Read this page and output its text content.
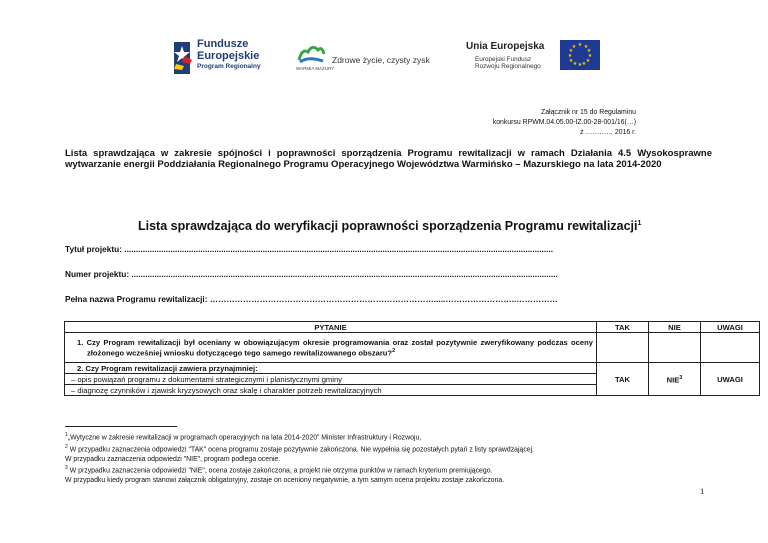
Fundusze
Europejskie
Program Regionalny	WARMIA MAZURY
Zdrowe życie, czysty zysk
Unia Europejska
Europejski Fundusz
Rozwoju Regionalnego
★ ★
★
★
★
★
★
★
★
★
★
★
Załącznik nr 15 do Regulaminu
konkursu RPWM.04.05.00-IZ.00-28-001/16(…)
z ………… 2016 r.
Lista sprawdzająca w zakresie spójności i poprawności sporządzenia Programu rewitalizacji w ramach Działania 4.5 Wysokosprawne wytwarzanie energii Poddziałania Regionalnego Programu Operacyjnego Województwa Warmińsko – Mazurskiego na lata 2014-2020
Lista sprawdzająca do weryfikacji poprawności sporządzenia Programu rewitalizacji$^1$
Tytuł projektu: ..........................................................................................................................................................................................
Numer projektu: .........................................................................................................................................................................................
Pełna nazwa Programu rewitalizacji: ……………………………………………………………………….....……………………..……………
PYTANIE	TAK	NIE	UWAGI
1. Czy Program rewitalizacji był oceniany w obowiązującym okresie programowania oraz został pozytywnie zweryfikowany podczas oceny złożonego wcześniej wniosku dotyczącego tego samego rewitalizowanego obszaru?$^2$			
2. Czy Program rewitalizacji zawiera przynajmniej:	TAK	NIE$^3$	UWAGI
– opis powiązań programu z dokumentami strategicznymi i planistycznymi gminy
– diagnozę czynników i zjawisk kryzysowych oraz skalę i charakter potrzeb rewitalizacyjnych
$^1$„Wytyczne w zakresie rewitalizacji w programach operacyjnych na lata 2014-2020” Minister Infrastruktury i Rozwoju,
$^2$ W przypadku zaznaczenia odpowiedzi "TAK" ocena programu zostaje pozytywnie zakończona. Nie wypełnia się pozostałych pytań z listy sprawdzającej.
W przypadku zaznaczenia odpowiedzi "NIE", program podlega ocenie.
$^3$ W przypadku zaznaczenia odpowiedzi "NIE", ocena zostaje zakończona, a projekt nie otrzyma punktów w ramach kryterium premiującego.
W przypadku kiedy program stanowi załącznik obligatoryjny, zostaje on oceniony negatywnie, a tym samym ocena projektu zostaje zakończona.
1
